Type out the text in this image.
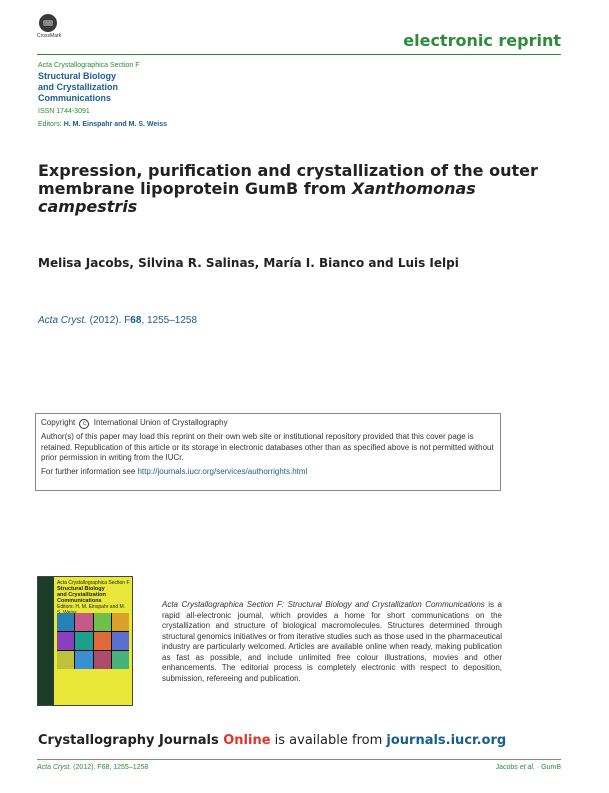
CrossMark	electronic reprint
Acta Crystallographica Section F
Structural Biology
and Crystallization
Communications
ISSN 1744-3091
Editors: H. M. Einspahr and M. S. Weiss
Expression, purification and crystallization of the outer membrane lipoprotein GumB from Xanthomonas campestris
Melisa Jacobs, Silvina R. Salinas, María I. Bianco and Luis Ielpi
Acta Cryst. (2012). F68, 1255–1258
Copyright c International Union of Crystallography
Author(s) of this paper may load this reprint on their own web site or institutional repository provided that this cover page is retained. Republication of this article or its storage in electronic databases other than as specified above is not permitted without prior permission in writing from the IUCr.
For further information see http://journals.iucr.org/services/authorrights.html
Acta Crystallographica Section F
Structural Biology
and Crystallization
Communications
Editors: H. M. Einspahr and M.	Acta Crystallographica Section F: Structural Biology and Crystallization Communications is a rapid all-electronic journal, which provides a home for short communications on the crystallization and structure of biological macromolecules. Structures determined through structural genomics initiatives or from iterative studies such as those used in the pharmaceutical industry are particularly welcomed. Articles are available online when ready, making publication as fast as possible, and include unlimited free colour illustrations, movies and other enhancements. The editorial process is completely electronic with respect to deposition, submission, refereeing and publication.
Crystallography Journals Online is available from journals.iucr.org
Acta Cryst. (2012). F68, 1255–1258	Jacobs et al. · GumB
